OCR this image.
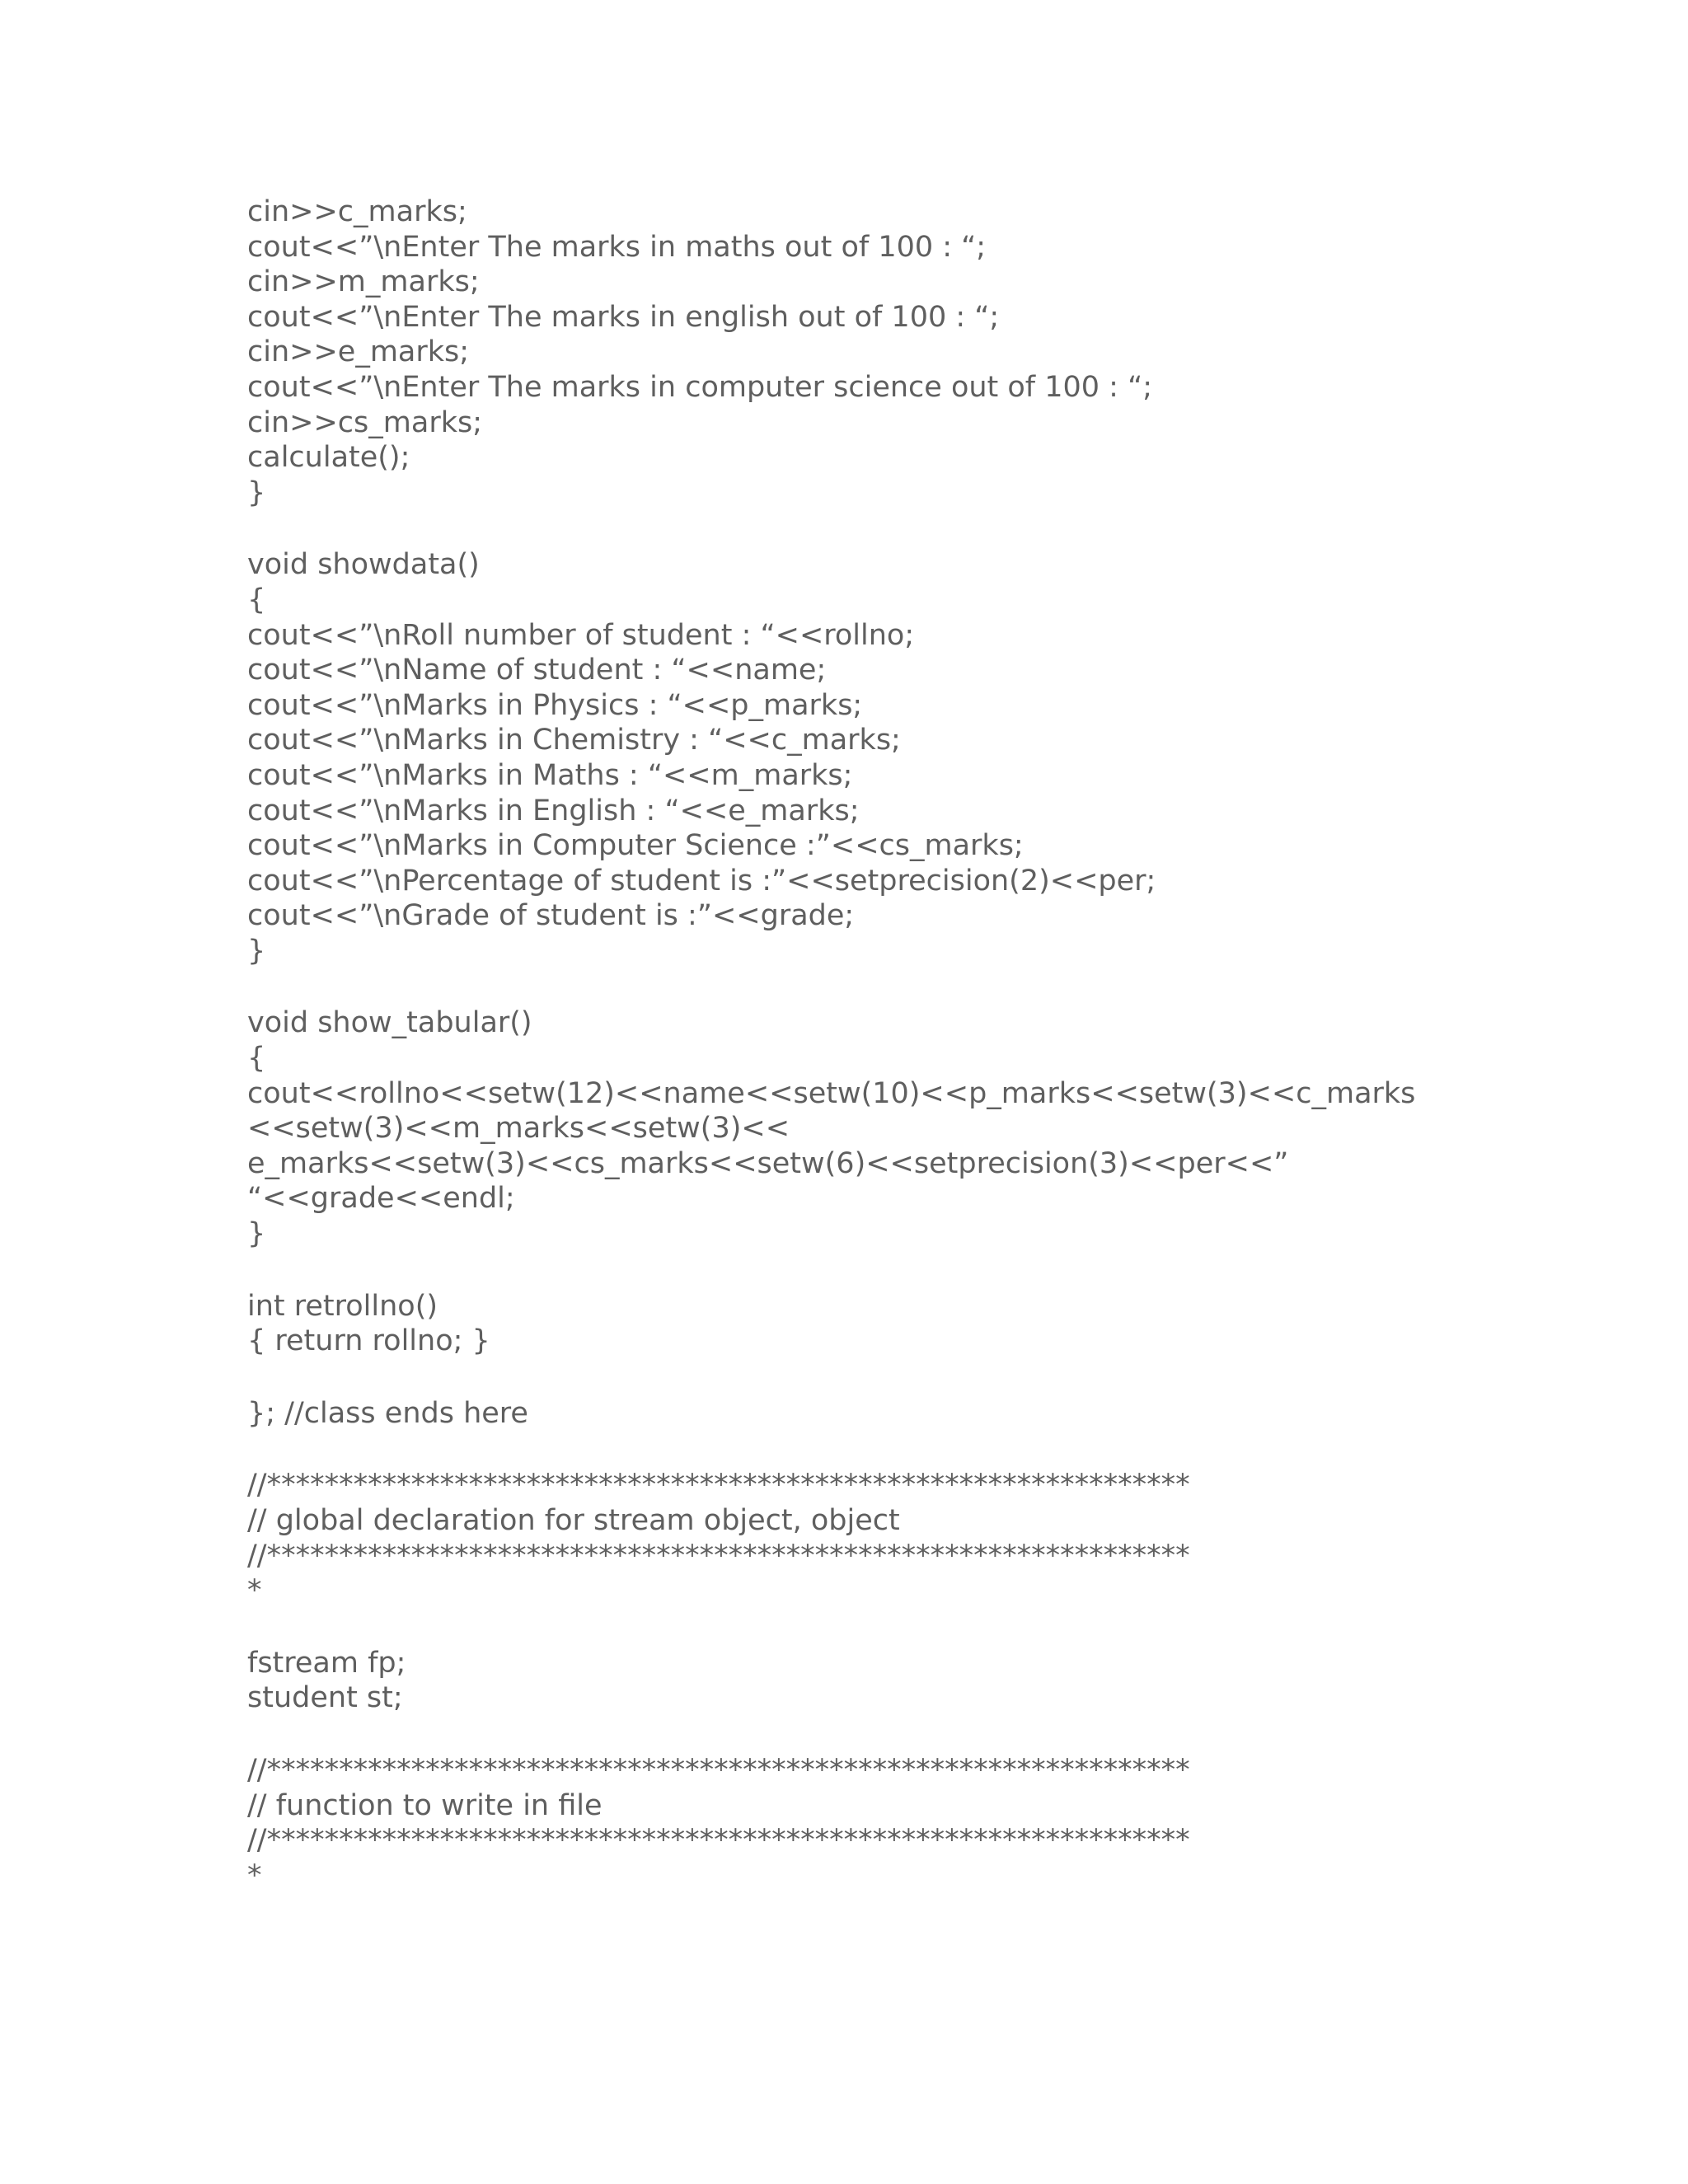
cin>>c_marks;
cout<<”\nEnter The marks in maths out of 100 : “;
cin>>m_marks;
cout<<”\nEnter The marks in english out of 100 : “;
cin>>e_marks;
cout<<”\nEnter The marks in computer science out of 100 : “;
cin>>cs_marks;
calculate();
}
void showdata()
{
cout<<”\nRoll number of student : “<<rollno;
cout<<”\nName of student : “<<name;
cout<<”\nMarks in Physics : “<<p_marks;
cout<<”\nMarks in Chemistry : “<<c_marks;
cout<<”\nMarks in Maths : “<<m_marks;
cout<<”\nMarks in English : “<<e_marks;
cout<<”\nMarks in Computer Science :”<<cs_marks;
cout<<”\nPercentage of student is :”<<setprecision(2)<<per;
cout<<”\nGrade of student is :”<<grade;
}
void show_tabular()
{
cout<<rollno<<setw(12)<<name<<setw(10)<<p_marks<<setw(3)<<c_marks
<<setw(3)<<m_marks<<setw(3)<<
e_marks<<setw(3)<<cs_marks<<setw(6)<<setprecision(3)<<per<<”
“<<grade<<endl;
}
int retrollno()
{ return rollno; }
}; //class ends here
//****************************************************************
// global declaration for stream object, object
//****************************************************************
*
fstream fp;
student st;
//****************************************************************
// function to write in file
//****************************************************************
*
